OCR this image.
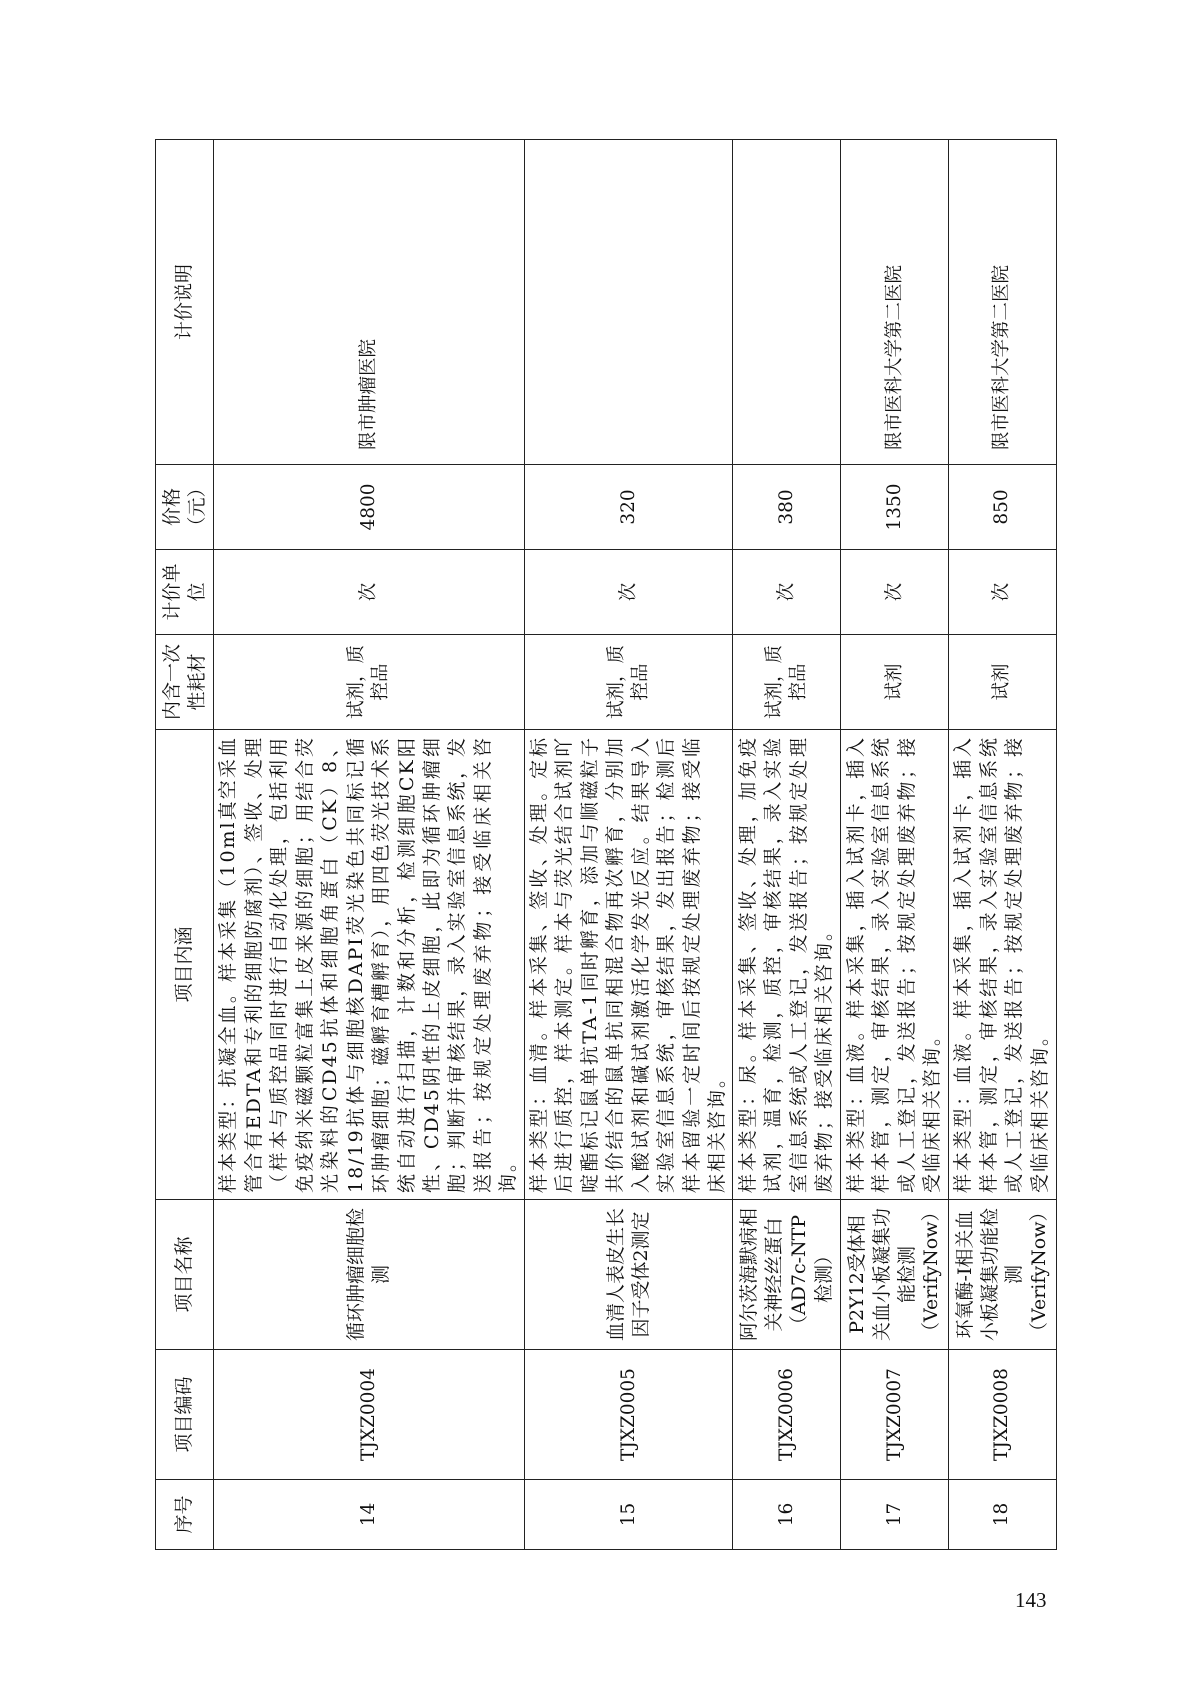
序号	项目编码	项目名称	项目内涵	内含一次性耗材	计价单位	价格（元）	计价说明
14	TJXZ0004	循环肿瘤细胞检测	样本类型：抗凝全血。样本采集（10ml真空采血管合有EDTA和专利的细胞防腐剂）、签收、处理（样本与质控品同时进行自动化处理，包括利用免疫纳米磁颗粒富集上皮来源的细胞；用结合荧光染料的CD45抗体和细胞角蛋白（CK）8、18/19抗体与细胞核DAPI荧光染色共同标记循环肿瘤细胞；磁孵育槽孵育），用四色荧光技术系统自动进行扫描，计数和分析，检测细胞CK阳性、CD45阴性的上皮细胞，此即为循环肿瘤细胞；判断并审核结果，录入实验室信息系统，发送报告；按规定处理废弃物；接受临床相关咨询。	试剂，质控品	次	4800	限市肿瘤医院
15	TJXZ0005	血清人表皮生长因子受体2测定	样本类型：血清。样本采集、签收、处理。定标后进行质控，样本测定。样本与荧光结合试剂吖啶酯标记鼠单抗TA-1同时孵育，添加与顺磁粒子共价结合的鼠单抗同相混合物再次孵育，分别加入酸试剂和碱试剂激活化学发光反应。结果导入实验室信息系统，审核结果，发出报告；检测后样本留验一定时间后按规定处理废弃物；接受临床相关咨询。	试剂，质控品	次	320	
16	TJXZ0006	阿尔茨海默病相关神经丝蛋白（AD7c-NTP检测）	样本类型：尿。样本采集、签收、处理，加免疫试剂，温育，检测，质控，审核结果，录入实验室信息系统或人工登记，发送报告；按规定处理废弃物；接受临床相关咨询。	试剂，质控品	次	380	
17	TJXZ0007	P2Y12受体相关血小板凝集功能检测（VerifyNow）	样本类型：血液。样本采集，插入试剂卡，插入样本管，测定，审核结果，录入实验室信息系统或人工登记，发送报告；按规定处理废弃物；接受临床相关咨询。	试剂	次	1350	限市医科大学第二医院
18	TJXZ0008	环氧酶-I相关血小板凝集功能检测（VerifyNow）	样本类型：血液。样本采集，插入试剂卡，插入样本管，测定，审核结果，录入实验室信息系统或人工登记，发送报告；按规定处理废弃物；接受临床相关咨询。	试剂	次	850	限市医科大学第二医院
143
